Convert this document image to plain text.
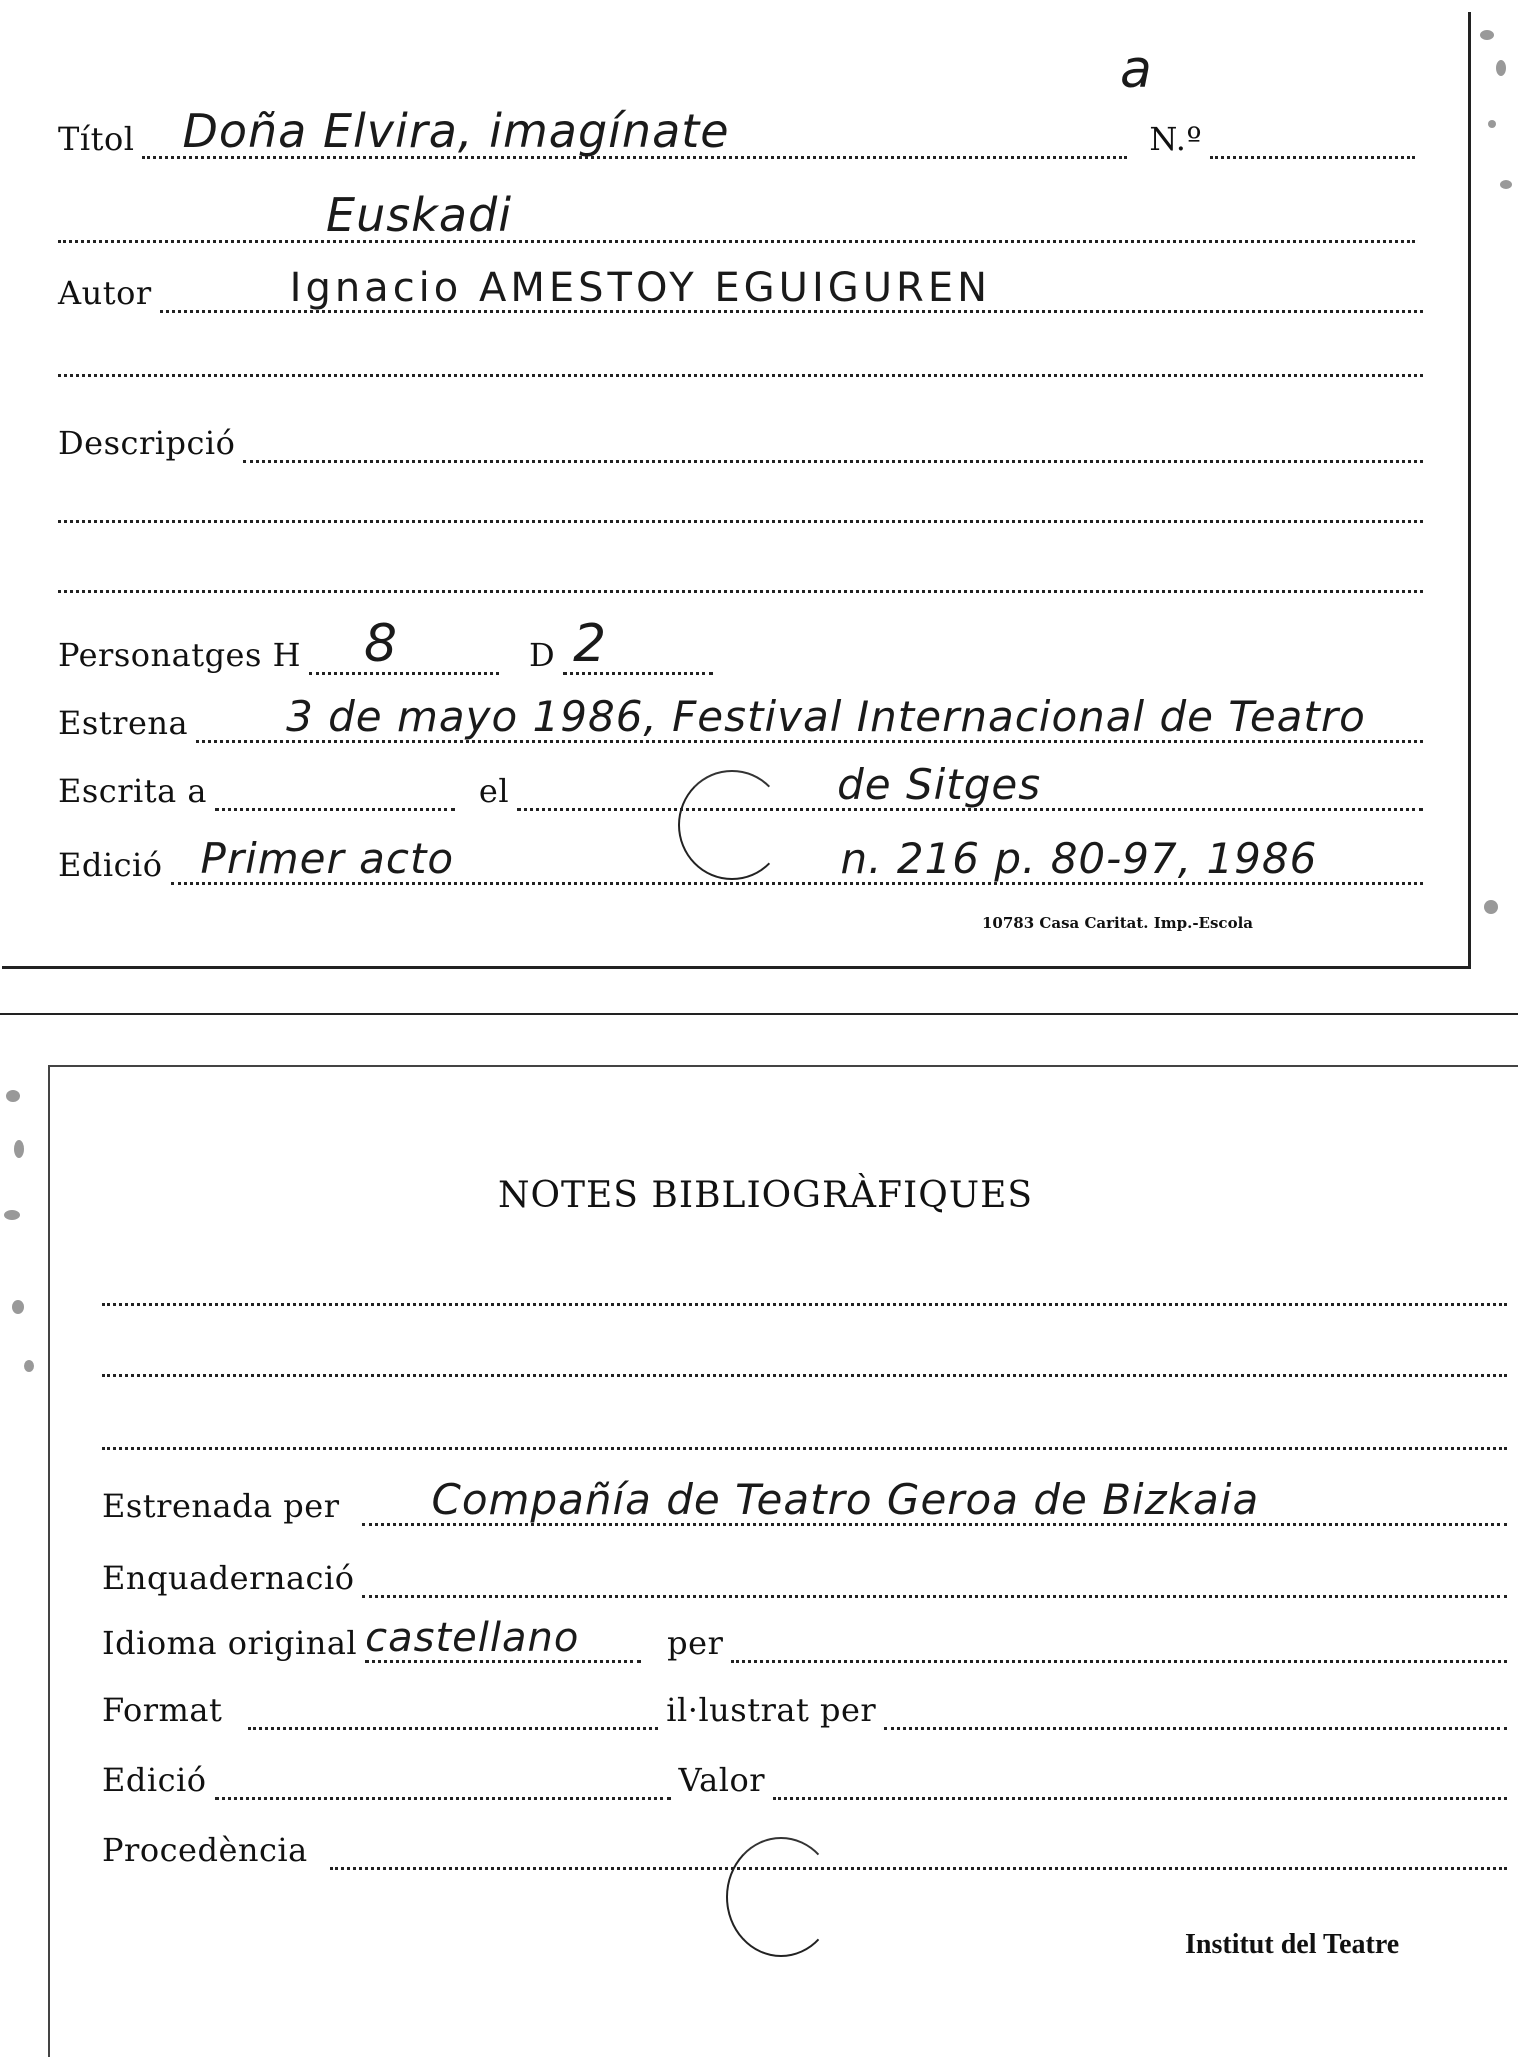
a
Títol Doña Elvira, imagínate	N.º
Euskadi
Autor	Ignacio AMESTOY EGUIGUREN
Descripció
Personatges H 8	D 2
Estrena 3 de mayo 1986, Festival Internacional de Teatro
Escrita a	el	de Sitges
Edició Primer acto	n. 216 p. 80-97, 1986
10783 Casa Caritat. Imp.-Escola
NOTES BIBLIOGRÀFIQUES
Estrenada per Compañía de Teatro Geroa de Bizkaia
Enquadernació
Idioma original castellano	per
Format	il·lustrat per
Edició	Valor
Procedència
Institut del Teatre
